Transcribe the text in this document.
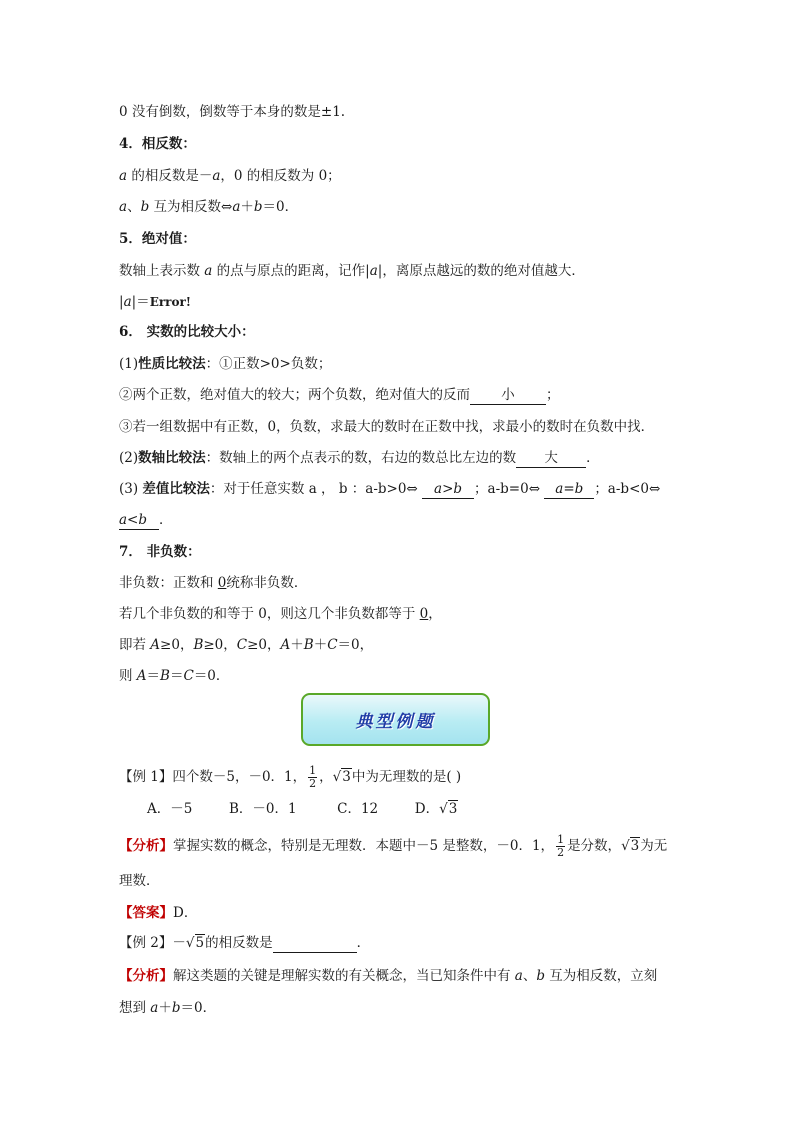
0 没有倒数，倒数等于本身的数是±1.
4．相反数：
a 的相反数是－a，0 的相反数为 0；
a、b 互为相反数⇔a＋b＝0．
5．绝对值：
数轴上表示数 a 的点与原点的距离，记作|a|，离原点越远的数的绝对值越大．
|a|＝Error!
6． 实数的比较大小：
(1)性质比较法：①正数>0>负数；
②两个正数，绝对值大的较大；两个负数，绝对值大的反而 小 ；
③若一组数据中有正数，0，负数，求最大的数时在正数中找，求最小的数时在负数中找．
(2)数轴比较法：数轴上的两个点表示的数，右边的数总比左边的数 大 ．
(3) 差值比较法：对于任意实数 a ， b ：a-b>0⇔ a>b ；a-b=0⇔ a=b ；a-b<0⇔
a<b ．
7． 非负数：
非负数：正数和 0统称非负数．
若几个非负数的和等于 0，则这几个非负数都等于 0，
即若 A≥0，B≥0，C≥0，A＋B＋C＝0，
则 A＝B＝C＝0．
典型例题
【例 1】四个数－5，－0．1， $\frac{1}{2}$ ，√3中为无理数的是( )
A．－5	B．－0．1	C．12	D．√3
【分析】掌握实数的概念，特别是无理数．本题中－5 是整数，－0．1， $\frac{1}{2}$ 是分数，√3为无
理数．
【答案】D．
【例 2】－√5的相反数是	．
【分析】解这类题的关键是理解实数的有关概念，当已知条件中有 a、b 互为相反数，立刻
想到 a＋b＝0．
